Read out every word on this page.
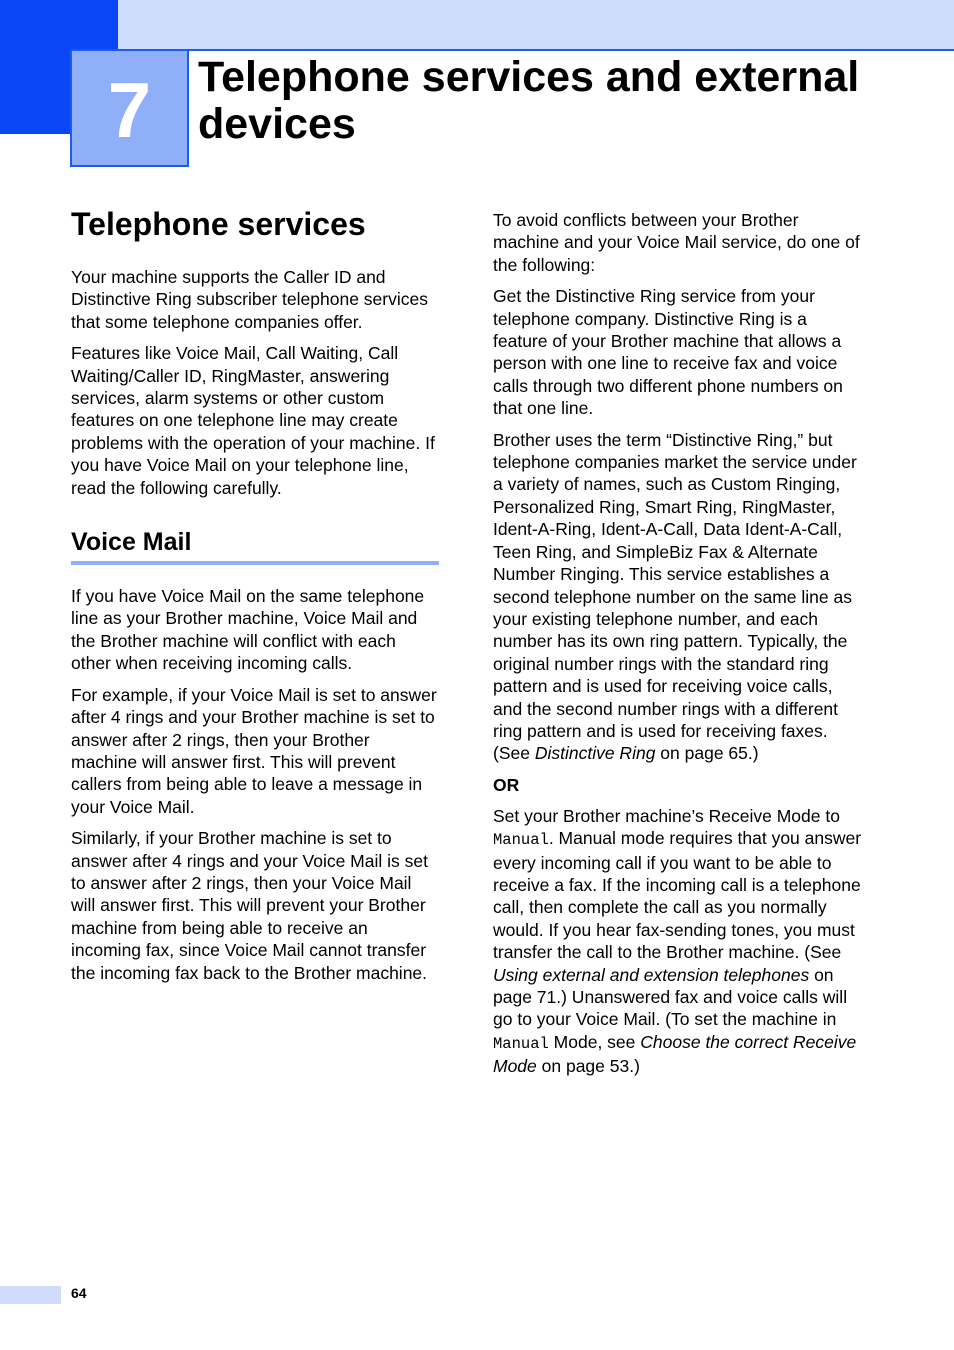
7 Telephone services and external devices
Telephone services

Your machine supports the Caller ID and Distinctive Ring subscriber telephone services that some telephone companies offer.

Features like Voice Mail, Call Waiting, Call Waiting/Caller ID, RingMaster, answering services, alarm systems or other custom features on one telephone line may create problems with the operation of your machine. If you have Voice Mail on your telephone line, read the following carefully.

Voice Mail

If you have Voice Mail on the same telephone line as your Brother machine, Voice Mail and the Brother machine will conflict with each other when receiving incoming calls.

For example, if your Voice Mail is set to answer after 4 rings and your Brother machine is set to answer after 2 rings, then your Brother machine will answer first. This will prevent callers from being able to leave a message in your Voice Mail.

Similarly, if your Brother machine is set to answer after 4 rings and your Voice Mail is set to answer after 2 rings, then your Voice Mail will answer first. This will prevent your Brother machine from being able to receive an incoming fax, since Voice Mail cannot transfer the incoming fax back to the Brother machine.

To avoid conflicts between your Brother machine and your Voice Mail service, do one of the following:

Get the Distinctive Ring service from your telephone company. Distinctive Ring is a feature of your Brother machine that allows a person with one line to receive fax and voice calls through two different phone numbers on that one line.

Brother uses the term “Distinctive Ring,” but telephone companies market the service under a variety of names, such as Custom Ringing, Personalized Ring, Smart Ring, RingMaster, Ident-A-Ring, Ident-A-Call, Data Ident-A-Call, Teen Ring, and SimpleBiz Fax & Alternate Number Ringing. This service establishes a second telephone number on the same line as your existing telephone number, and each number has its own ring pattern. Typically, the original number rings with the standard ring pattern and is used for receiving voice calls, and the second number rings with a different ring pattern and is used for receiving faxes. (See Distinctive Ring on page 65.)

OR

Set your Brother machine’s Receive Mode to Manual. Manual mode requires that you answer every incoming call if you want to be able to receive a fax. If the incoming call is a telephone call, then complete the call as you normally would. If you hear fax-sending tones, you must transfer the call to the Brother machine. (See Using external and extension telephones on page 71.) Unanswered fax and voice calls will go to your Voice Mail. (To set the machine in Manual Mode, see Choose the correct Receive Mode on page 53.)

64
